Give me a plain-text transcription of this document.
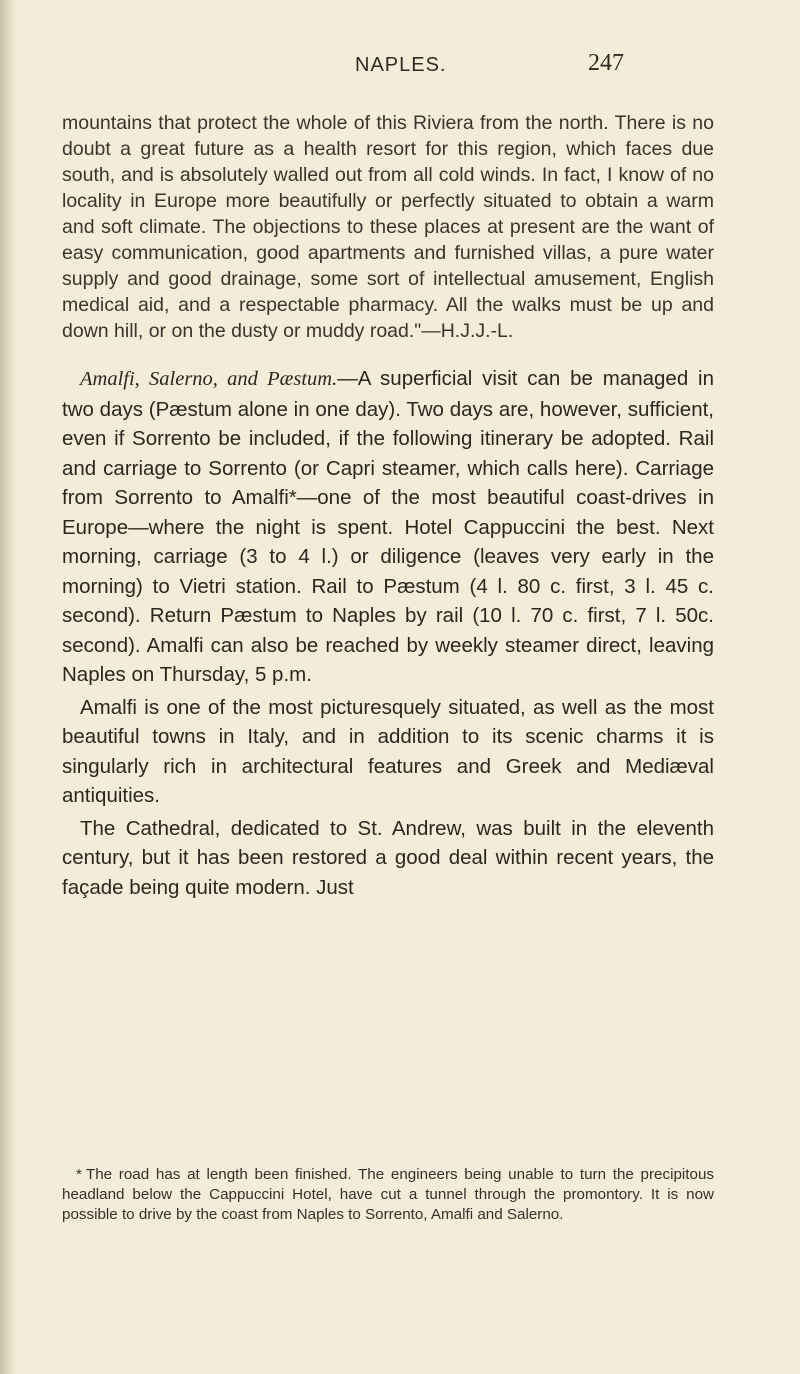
NAPLES.	247

mountains that protect the whole of this Riviera from the north. There is no doubt a great future as a health resort for this region, which faces due south, and is absolutely walled out from all cold winds. In fact, I know of no locality in Europe more beautifully or perfectly situated to obtain a warm and soft climate. The objections to these places at present are the want of easy communication, good apartments and furnished villas, a pure water supply and good drainage, some sort of intellectual amusement, English medical aid, and a respectable pharmacy. All the walks must be up and down hill, or on the dusty or muddy road."—H.J.J.-L.

Amalfi, Salerno, and Pæstum.—A superficial visit can be managed in two days (Pæstum alone in one day). Two days are, however, sufficient, even if Sorrento be included, if the following itinerary be adopted. Rail and carriage to Sorrento (or Capri steamer, which calls here). Carriage from Sorrento to Amalfi*—one of the most beautiful coast-drives in Europe—where the night is spent. Hotel Cappuccini the best. Next morning, carriage (3 to 4 l.) or diligence (leaves very early in the morning) to Vietri station. Rail to Pæstum (4 l. 80 c. first, 3 l. 45 c. second). Return Pæstum to Naples by rail (10 l. 70 c. first, 7 l. 50c. second). Amalfi can also be reached by weekly steamer direct, leaving Naples on Thursday, 5 p.m.

Amalfi is one of the most picturesquely situated, as well as the most beautiful towns in Italy, and in addition to its scenic charms it is singularly rich in architectural features and Greek and Mediæval antiquities.

The Cathedral, dedicated to St. Andrew, was built in the eleventh century, but it has been restored a good deal within recent years, the façade being quite modern. Just

* The road has at length been finished. The engineers being unable to turn the precipitous headland below the Cappuccini Hotel, have cut a tunnel through the promontory. It is now possible to drive by the coast from Naples to Sorrento, Amalfi and Salerno.
